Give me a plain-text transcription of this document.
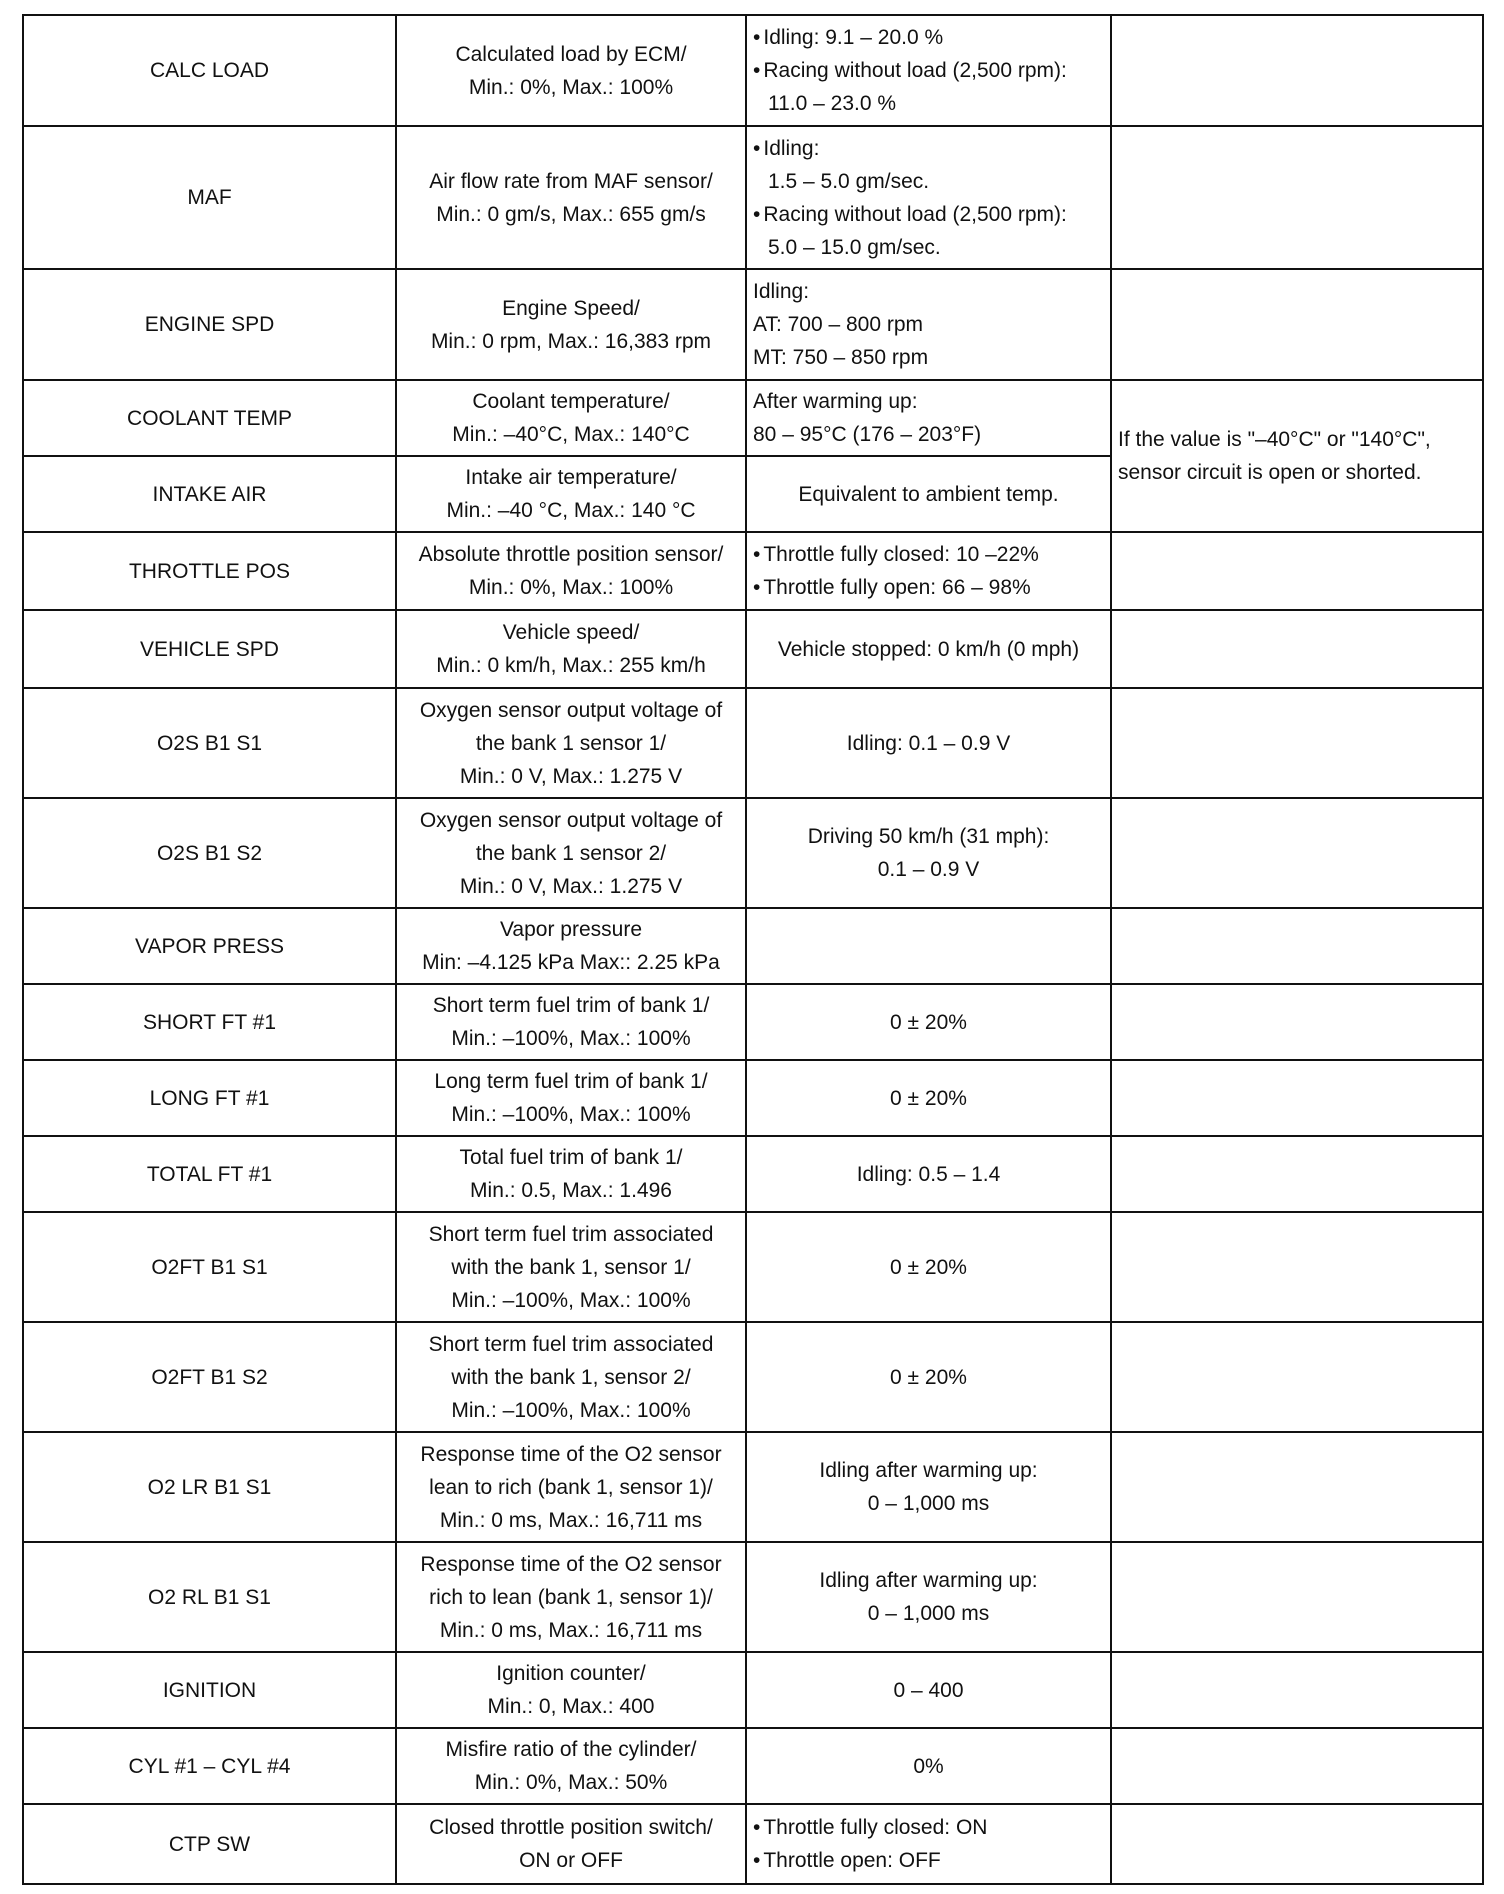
CALC LOAD	Calculated load by ECM/
Min.: 0%, Max.: 100%	• Idling: 9.1 – 20.0 %
• Racing without load (2,500 rpm):
11.0 – 23.0 %

MAF	Air flow rate from MAF sensor/
Min.: 0 gm/s, Max.: 655 gm/s	• Idling:
1.5 – 5.0 gm/sec.
• Racing without load (2,500 rpm):
5.0 – 15.0 gm/sec.

ENGINE SPD	Engine Speed/
Min.: 0 rpm, Max.: 16,383 rpm	Idling:
AT: 700 – 800 rpm
MT: 750 – 850 rpm	

COOLANT TEMP	Coolant temperature/
Min.: –40°C, Max.: 140°C	After warming up:
80 – 95°C (176 – 203°F)	If the value is "–40°C" or "140°C",
sensor circuit is open or shorted.

INTAKE AIR	Intake air temperature/
Min.: –40 °C, Max.: 140 °C	Equivalent to ambient temp.	

THROTTLE POS	Absolute throttle position sensor/
Min.: 0%, Max.: 100%	• Throttle fully closed: 10 –22%
• Throttle fully open: 66 – 98%

VEHICLE SPD	Vehicle speed/
Min.: 0 km/h, Max.: 255 km/h	Vehicle stopped: 0 km/h (0 mph)	

O2S B1 S1	Oxygen sensor output voltage of
the bank 1 sensor 1/
Min.: 0 V, Max.: 1.275 V	Idling: 0.1 – 0.9 V	

O2S B1 S2	Oxygen sensor output voltage of
the bank 1 sensor 2/
Min.: 0 V, Max.: 1.275 V	Driving 50 km/h (31 mph):
0.1 – 0.9 V	

VAPOR PRESS	Vapor pressure
Min: –4.125 kPa Max:: 2.25 kPa		

SHORT FT #1	Short term fuel trim of bank 1/
Min.: –100%, Max.: 100%	0 ± 20%	

LONG FT #1	Long term fuel trim of bank 1/
Min.: –100%, Max.: 100%	0 ± 20%	

TOTAL FT #1	Total fuel trim of bank 1/
Min.: 0.5, Max.: 1.496	Idling: 0.5 – 1.4	

O2FT B1 S1	Short term fuel trim associated
with the bank 1, sensor 1/
Min.: –100%, Max.: 100%	0 ± 20%	

O2FT B1 S2	Short term fuel trim associated
with the bank 1, sensor 2/
Min.: –100%, Max.: 100%	0 ± 20%	

O2 LR B1 S1	Response time of the O2 sensor
lean to rich (bank 1, sensor 1)/
Min.: 0 ms, Max.: 16,711 ms	Idling after warming up:
0 – 1,000 ms	

O2 RL B1 S1	Response time of the O2 sensor
rich to lean (bank 1, sensor 1)/
Min.: 0 ms, Max.: 16,711 ms	Idling after warming up:
0 – 1,000 ms	

IGNITION	Ignition counter/
Min.: 0, Max.: 400	0 – 400	

CYL #1 – CYL #4	Misfire ratio of the cylinder/
Min.: 0%, Max.: 50%	0%	

CTP SW	Closed throttle position switch/
ON or OFF	• Throttle fully closed: ON
• Throttle open: OFF
